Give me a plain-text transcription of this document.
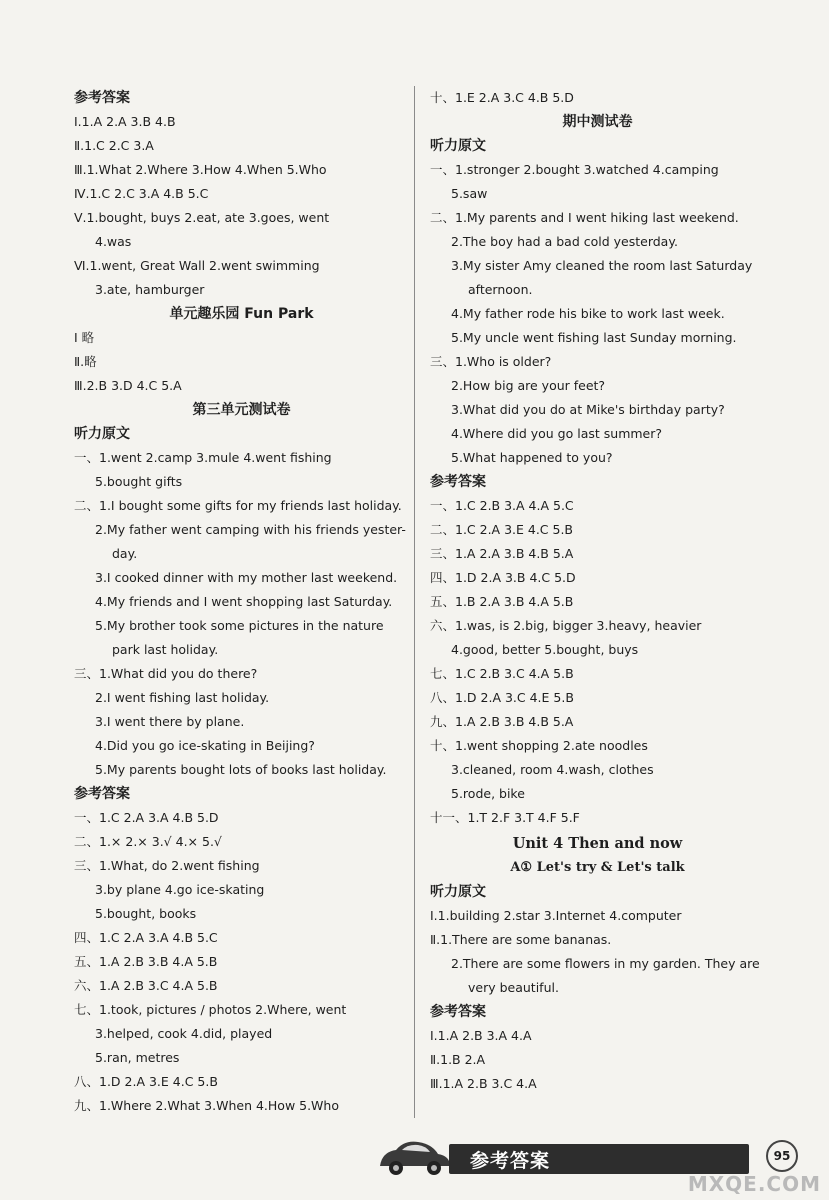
参考答案
Ⅰ.1.A 2.A 3.B 4.B
Ⅱ.1.C 2.C 3.A
Ⅲ.1.What 2.Where 3.How 4.When 5.Who
Ⅳ.1.C 2.C 3.A 4.B 5.C
Ⅴ.1.bought, buys 2.eat, ate 3.goes, went
4.was
Ⅵ.1.went, Great Wall 2.went swimming
3.ate, hamburger
单元趣乐园 Fun Park
Ⅰ 略
Ⅱ.略
Ⅲ.2.B 3.D 4.C 5.A
第三单元测试卷
听力原文
一、1.went 2.camp 3.mule 4.went fishing
5.bought gifts
二、1.I bought some gifts for my friends last holiday.
2.My father went camping with his friends yester-
day.
3.I cooked dinner with my mother last weekend.
4.My friends and I went shopping last Saturday.
5.My brother took some pictures in the nature
park last holiday.
三、1.What did you do there?
2.I went fishing last holiday.
3.I went there by plane.
4.Did you go ice-skating in Beijing?
5.My parents bought lots of books last holiday.
参考答案
一、1.C 2.A 3.A 4.B 5.D
二、1.× 2.× 3.√ 4.× 5.√
三、1.What, do 2.went fishing
3.by plane 4.go ice-skating
5.bought, books
四、1.C 2.A 3.A 4.B 5.C
五、1.A 2.B 3.B 4.A 5.B
六、1.A 2.B 3.C 4.A 5.B
七、1.took, pictures / photos 2.Where, went
3.helped, cook 4.did, played
5.ran, metres
八、1.D 2.A 3.E 4.C 5.B
九、1.Where 2.What 3.When 4.How 5.Who
十、1.E 2.A 3.C 4.B 5.D
期中测试卷
听力原文
一、1.stronger 2.bought 3.watched 4.camping
5.saw
二、1.My parents and I went hiking last weekend.
2.The boy had a bad cold yesterday.
3.My sister Amy cleaned the room last Saturday
afternoon.
4.My father rode his bike to work last week.
5.My uncle went fishing last Sunday morning.
三、1.Who is older?
2.How big are your feet?
3.What did you do at Mike's birthday party?
4.Where did you go last summer?
5.What happened to you?
参考答案
一、1.C 2.B 3.A 4.A 5.C
二、1.C 2.A 3.E 4.C 5.B
三、1.A 2.A 3.B 4.B 5.A
四、1.D 2.A 3.B 4.C 5.D
五、1.B 2.A 3.B 4.A 5.B
六、1.was, is 2.big, bigger 3.heavy, heavier
4.good, better 5.bought, buys
七、1.C 2.B 3.C 4.A 5.B
八、1.D 2.A 3.C 4.E 5.B
九、1.A 2.B 3.B 4.B 5.A
十、1.went shopping 2.ate noodles
3.cleaned, room 4.wash, clothes
5.rode, bike
十一、1.T 2.F 3.T 4.F 5.F
Unit 4 Then and now
A① Let's try & Let's talk
听力原文
Ⅰ.1.building 2.star 3.Internet 4.computer
Ⅱ.1.There are some bananas.
2.There are some flowers in my garden. They are
very beautiful.
参考答案
Ⅰ.1.A 2.B 3.A 4.A
Ⅱ.1.B 2.A
Ⅲ.1.A 2.B 3.C 4.A
参考答案	95
MXQE.COM
